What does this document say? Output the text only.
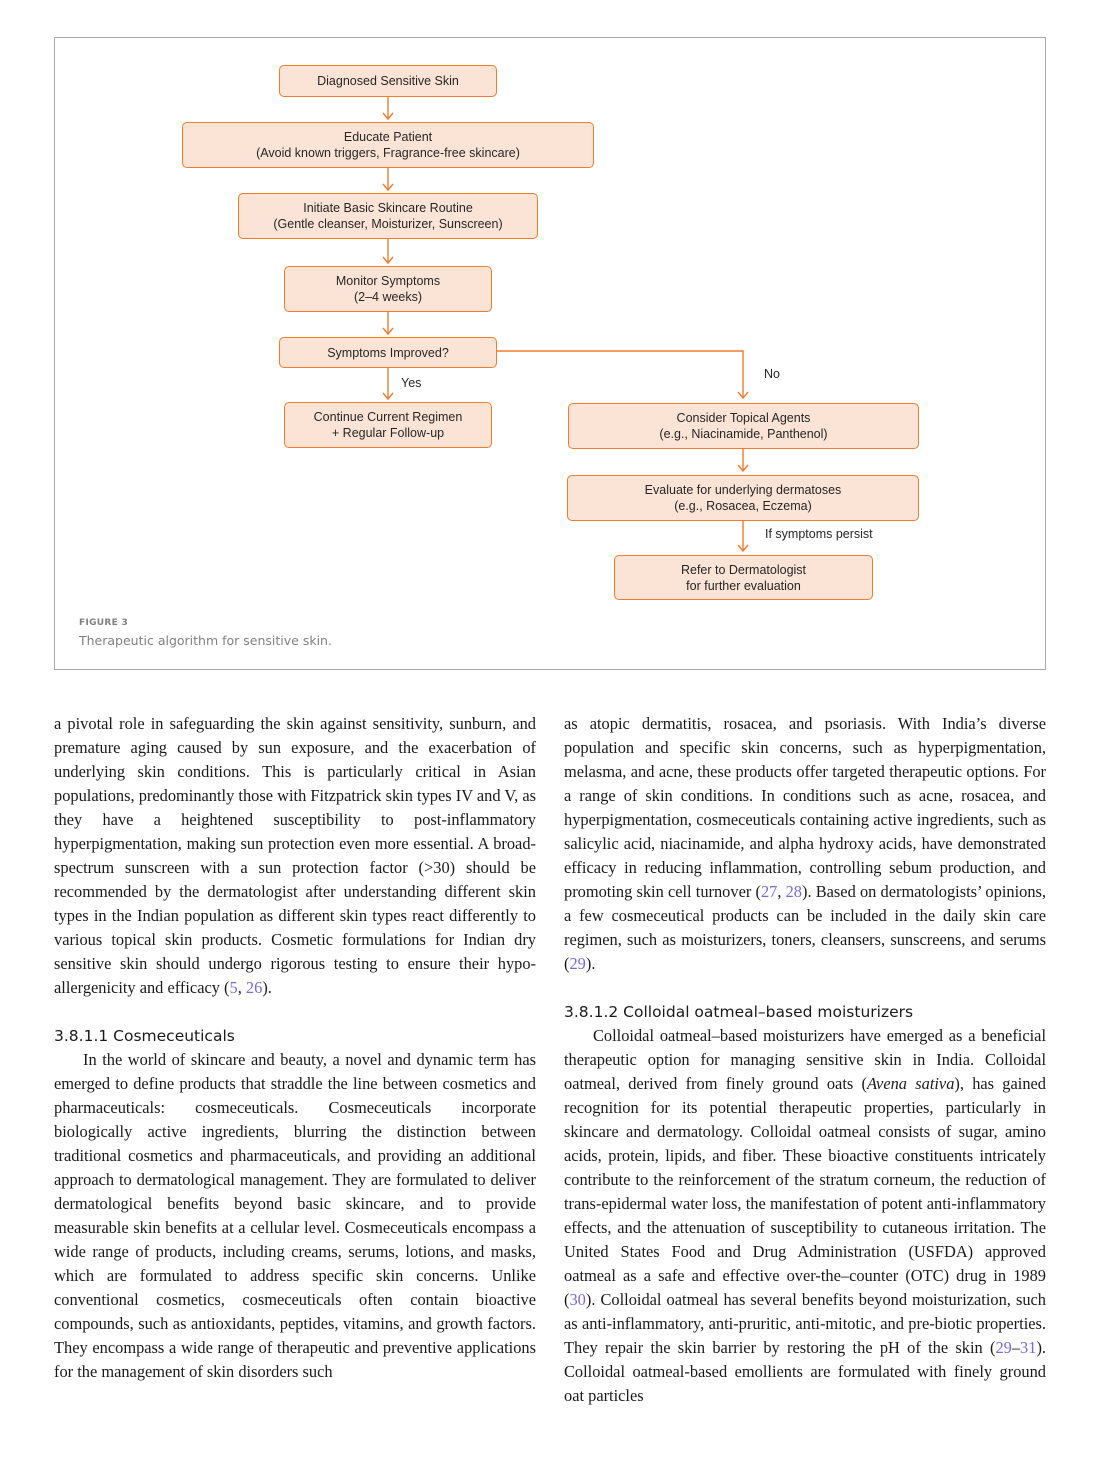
Diagnosed Sensitive Skin
Educate Patient
(Avoid known triggers, Fragrance-free skincare)
Initiate Basic Skincare Routine
(Gentle cleanser, Moisturizer, Sunscreen)
Monitor Symptoms
(2–4 weeks)
Symptoms Improved?
Continue Current Regimen
+ Regular Follow-up
Consider Topical Agents
(e.g., Niacinamide, Panthenol)
Evaluate for underlying dermatoses
(e.g., Rosacea, Eczema)
Refer to Dermatologist
for further evaluation
Yes
No
If symptoms persist
FIGURE 3
Therapeutic algorithm for sensitive skin.

a pivotal role in safeguarding the skin against sensitivity, sunburn, and premature aging caused by sun exposure, and the exacerbation of underlying skin conditions. This is particularly critical in Asian populations, predominantly those with Fitzpatrick skin types IV and V, as they have a heightened susceptibility to post-inflammatory hyperpigmentation, making sun protection even more essential. A broad-spectrum sunscreen with a sun protection factor (>30) should be recommended by the dermatologist after understanding different skin types in the Indian population as different skin types react differently to various topical skin products. Cosmetic formulations for Indian dry sensitive skin should undergo rigorous testing to ensure their hypo-allergenicity and efficacy (5, 26).

3.8.1.1 Cosmeceuticals

In the world of skincare and beauty, a novel and dynamic term has emerged to define products that straddle the line between cosmetics and pharmaceuticals: cosmeceuticals. Cosmeceuticals incorporate biologically active ingredients, blurring the distinction between traditional cosmetics and pharmaceuticals, and providing an additional approach to dermatological management. They are formulated to deliver dermatological benefits beyond basic skincare, and to provide measurable skin benefits at a cellular level. Cosmeceuticals encompass a wide range of products, including creams, serums, lotions, and masks, which are formulated to address specific skin concerns. Unlike conventional cosmetics, cosmeceuticals often contain bioactive compounds, such as antioxidants, peptides, vitamins, and growth factors. They encompass a wide range of therapeutic and preventive applications for the management of skin disorders such

as atopic dermatitis, rosacea, and psoriasis. With India’s diverse population and specific skin concerns, such as hyperpigmentation, melasma, and acne, these products offer targeted therapeutic options. For a range of skin conditions. In conditions such as acne, rosacea, and hyperpigmentation, cosmeceuticals containing active ingredients, such as salicylic acid, niacinamide, and alpha hydroxy acids, have demonstrated efficacy in reducing inflammation, controlling sebum production, and promoting skin cell turnover (27, 28). Based on dermatologists’ opinions, a few cosmeceutical products can be included in the daily skin care regimen, such as moisturizers, toners, cleansers, sunscreens, and serums (29).

3.8.1.2 Colloidal oatmeal–based moisturizers

Colloidal oatmeal–based moisturizers have emerged as a beneficial therapeutic option for managing sensitive skin in India. Colloidal oatmeal, derived from finely ground oats (Avena sativa), has gained recognition for its potential therapeutic properties, particularly in skincare and dermatology. Colloidal oatmeal consists of sugar, amino acids, protein, lipids, and fiber. These bioactive constituents intricately contribute to the reinforcement of the stratum corneum, the reduction of trans-epidermal water loss, the manifestation of potent anti-inflammatory effects, and the attenuation of susceptibility to cutaneous irritation. The United States Food and Drug Administration (USFDA) approved oatmeal as a safe and effective over-the–counter (OTC) drug in 1989 (30). Colloidal oatmeal has several benefits beyond moisturization, such as anti-inflammatory, anti-pruritic, anti-mitotic, and pre-biotic properties. They repair the skin barrier by restoring the pH of the skin (29–31). Colloidal oatmeal-based emollients are formulated with finely ground oat particles
